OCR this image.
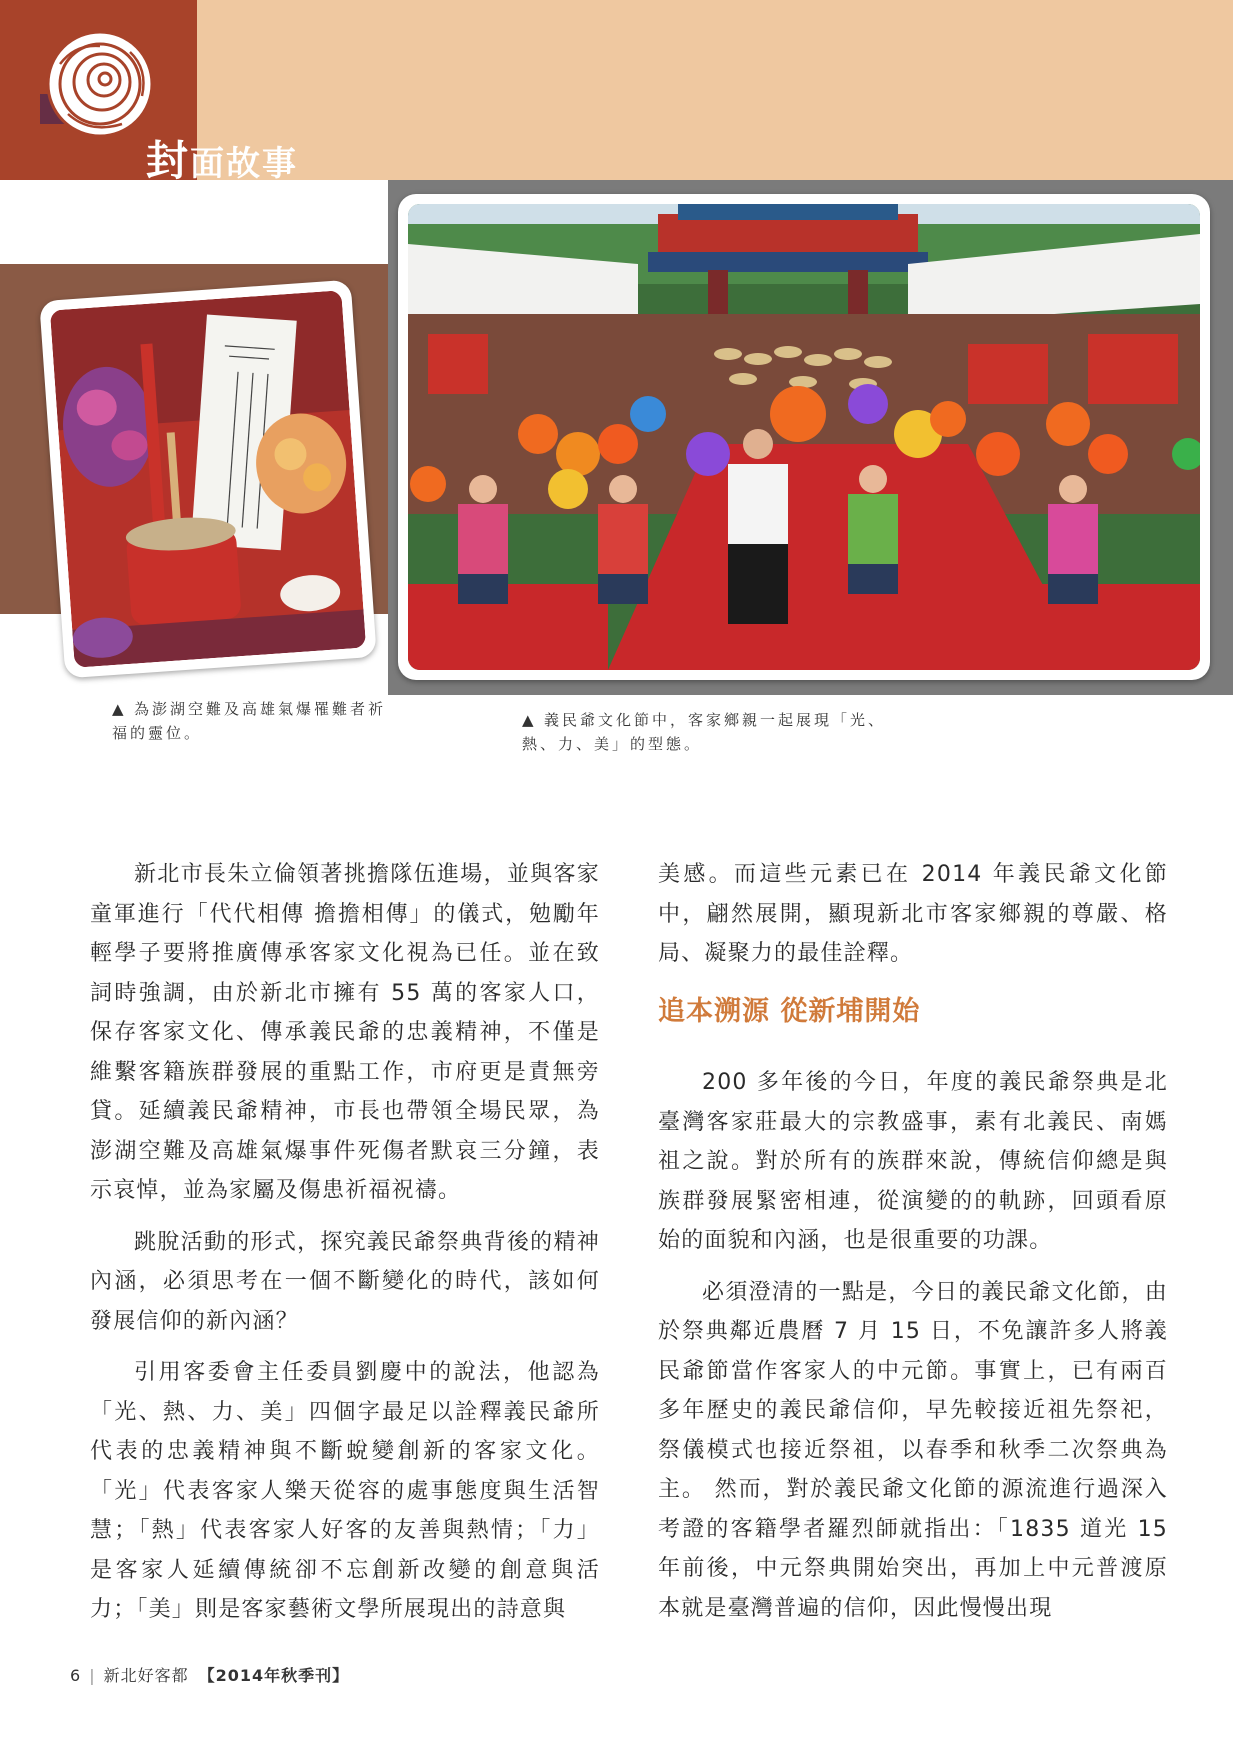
封面故事
▲ 為澎湖空難及高雄氣爆罹難者祈福的靈位。
▲ 義民爺文化節中，客家鄉親一起展現「光、熱、力、美」的型態。

新北市長朱立倫領著挑擔隊伍進場，並與客家童軍進行「代代相傳 擔擔相傳」的儀式，勉勵年輕學子要將推廣傳承客家文化視為已任。並在致詞時強調，由於新北市擁有 55 萬的客家人口，保存客家文化、傳承義民爺的忠義精神，不僅是維繫客籍族群發展的重點工作，市府更是責無旁貸。延續義民爺精神，市長也帶領全場民眾，為澎湖空難及高雄氣爆事件死傷者默哀三分鐘，表示哀悼，並為家屬及傷患祈福祝禱。

跳脫活動的形式，探究義民爺祭典背後的精神內涵，必須思考在一個不斷變化的時代，該如何發展信仰的新內涵？

引用客委會主任委員劉慶中的說法，他認為「光、熱、力、美」四個字最足以詮釋義民爺所代表的忠義精神與不斷蛻變創新的客家文化。「光」代表客家人樂天從容的處事態度與生活智慧；「熱」代表客家人好客的友善與熱情；「力」是客家人延續傳統卻不忘創新改變的創意與活力；「美」則是客家藝術文學所展現出的詩意與

美感。而這些元素已在 2014 年義民爺文化節中，翩然展開，顯現新北市客家鄉親的尊嚴、格局、凝聚力的最佳詮釋。

追本溯源 從新埔開始

200 多年後的今日，年度的義民爺祭典是北臺灣客家莊最大的宗教盛事，素有北義民、南媽祖之說。對於所有的族群來說，傳統信仰總是與族群發展緊密相連，從演變的的軌跡，回頭看原始的面貌和內涵，也是很重要的功課。

必須澄清的一點是，今日的義民爺文化節，由於祭典鄰近農曆 7 月 15 日，不免讓許多人將義民爺節當作客家人的中元節。事實上，已有兩百多年歷史的義民爺信仰，早先較接近祖先祭祀，祭儀模式也接近祭祖，以春季和秋季二次祭典為主。 然而，對於義民爺文化節的源流進行過深入考證的客籍學者羅烈師就指出：「1835 道光 15 年前後，中元祭典開始突出，再加上中元普渡原本就是臺灣普遍的信仰，因此慢慢出現

6 | 新北好客都 【2014年秋季刊】
